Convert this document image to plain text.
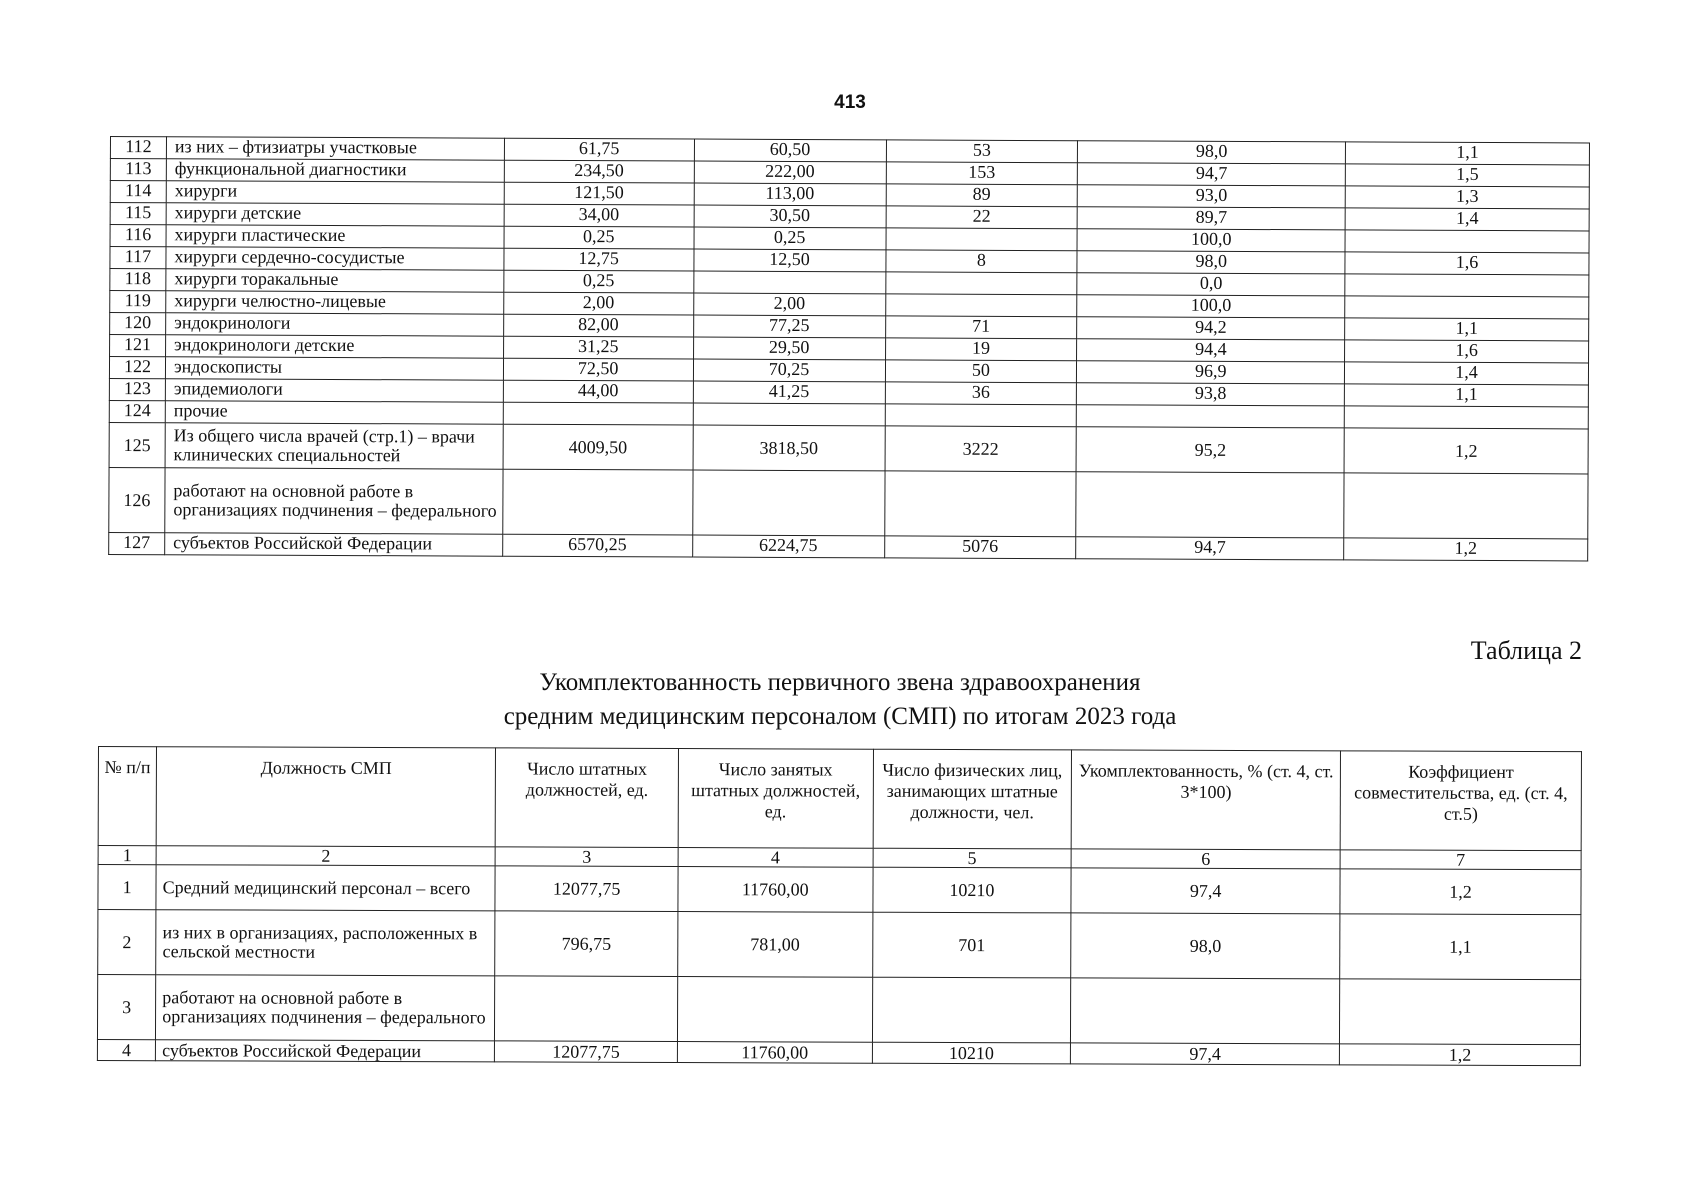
413
112	из них – фтизиатры участковые	61,75	60,50	53	98,0	1,1
113	функциональной диагностики	234,50	222,00	153	94,7	1,5
114	хирурги	121,50	113,00	89	93,0	1,3
115	хирурги детские	34,00	30,50	22	89,7	1,4
116	хирурги пластические	0,25	0,25		100,0	
117	хирурги сердечно-сосудистые	12,75	12,50	8	98,0	1,6
118	хирурги торакальные	0,25			0,0	
119	хирурги челюстно-лицевые	2,00	2,00		100,0	
120	эндокринологи	82,00	77,25	71	94,2	1,1
121	эндокринологи детские	31,25	29,50	19	94,4	1,6
122	эндоскописты	72,50	70,25	50	96,9	1,4
123	эпидемиологи	44,00	41,25	36	93,8	1,1
124	прочие					
125	Из общего числа врачей (стр.1) – врачи клинических специальностей	4009,50	3818,50	3222	95,2	1,2
126	работают на основной работе в организациях подчинения – федерального					
127	субъектов Российской Федерации	6570,25	6224,75	5076	94,7	1,2
Таблица 2
Укомплектованность первичного звена здравоохранения
средним медицинским персоналом (СМП) по итогам 2023 года
№ п/п	Должность СМП	Число штатных должностей, ед.	Число занятых штатных должностей, ед.	Число физических лиц, занимающих штатные должности, чел.	Укомплектованность, % (ст. 4, ст. 3*100)	Коэффициент совместительства, ед. (ст. 4, ст.5)
1	2	3	4	5	6	7
1	Средний медицинский персонал – всего	12077,75	11760,00	10210	97,4	1,2
2	из них в организациях, расположенных в сельской местности	796,75	781,00	701	98,0	1,1
3	работают на основной работе в организациях подчинения – федерального					
4	субъектов Российской Федерации	12077,75	11760,00	10210	97,4	1,2
